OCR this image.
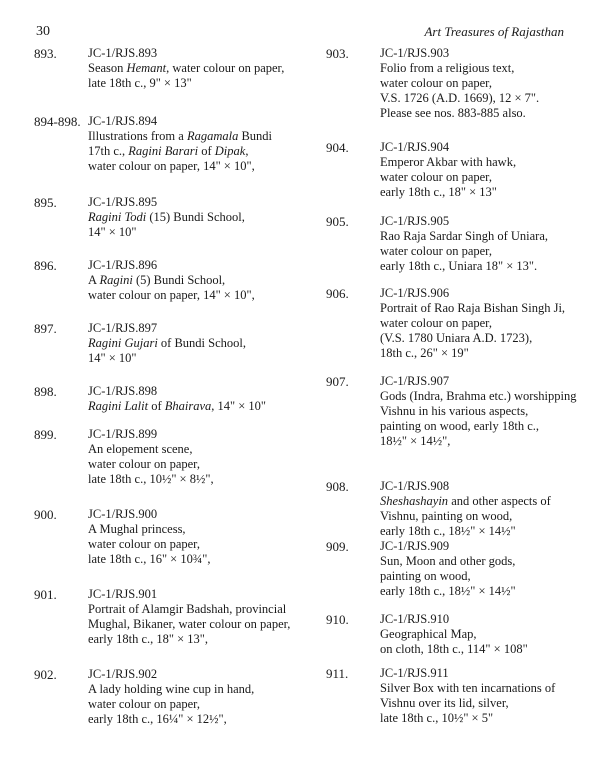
30	Art Treasures of Rajasthan
893.	JC-1/RJS.893
Season Hemant, water colour on paper,
late 18th c., 9" × 13"
894-898. JC-1/RJS.894
Illustrations from a Ragamala Bundi
17th c., Ragini Barari of Dipak,
water colour on paper, 14" × 10",
895.	JC-1/RJS.895
Ragini Todi (15) Bundi School,
14" × 10"
896.	JC-1/RJS.896
A Ragini (5) Bundi School,
water colour on paper, 14" × 10",
897.	JC-1/RJS.897
Ragini Gujari of Bundi School,
14" × 10"
898.	JC-1/RJS.898
Ragini Lalit of Bhairava, 14" × 10"
899.	JC-1/RJS.899
An elopement scene,
water colour on paper,
late 18th c., 10½" × 8½",
900.	JC-1/RJS.900
A Mughal princess,
water colour on paper,
late 18th c., 16" × 10¾",
901.	JC-1/RJS.901
Portrait of Alamgir Badshah, provincial
Mughal, Bikaner, water colour on paper,
early 18th c., 18" × 13",
902.	JC-1/RJS.902
A lady holding wine cup in hand,
water colour on paper,
early 18th c., 16¼" × 12½",
903.	JC-1/RJS.903
Folio from a religious text,
water colour on paper,
V.S. 1726 (A.D. 1669), 12 × 7".
Please see nos. 883-885 also.
904.	JC-1/RJS.904
Emperor Akbar with hawk,
water colour on paper,
early 18th c., 18" × 13"
905.	JC-1/RJS.905
Rao Raja Sardar Singh of Uniara,
water colour on paper,
early 18th c., Uniara 18" × 13".
906.	JC-1/RJS.906
Portrait of Rao Raja Bishan Singh Ji,
water colour on paper,
(V.S. 1780 Uniara A.D. 1723),
18th c., 26" × 19"
907.	JC-1/RJS.907
Gods (Indra, Brahma etc.) worshipping
Vishnu in his various aspects,
painting on wood, early 18th c.,
18½" × 14½",
908.	JC-1/RJS.908
Sheshashayin and other aspects of
Vishnu, painting on wood,
early 18th c., 18½" × 14½"
909.	JC-1/RJS.909
Sun, Moon and other gods,
painting on wood,
early 18th c., 18½" × 14½"
910.	JC-1/RJS.910
Geographical Map,
on cloth, 18th c., 114" × 108"
911.	JC-1/RJS.911
Silver Box with ten incarnations of
Vishnu over its lid, silver,
late 18th c., 10½" × 5"
